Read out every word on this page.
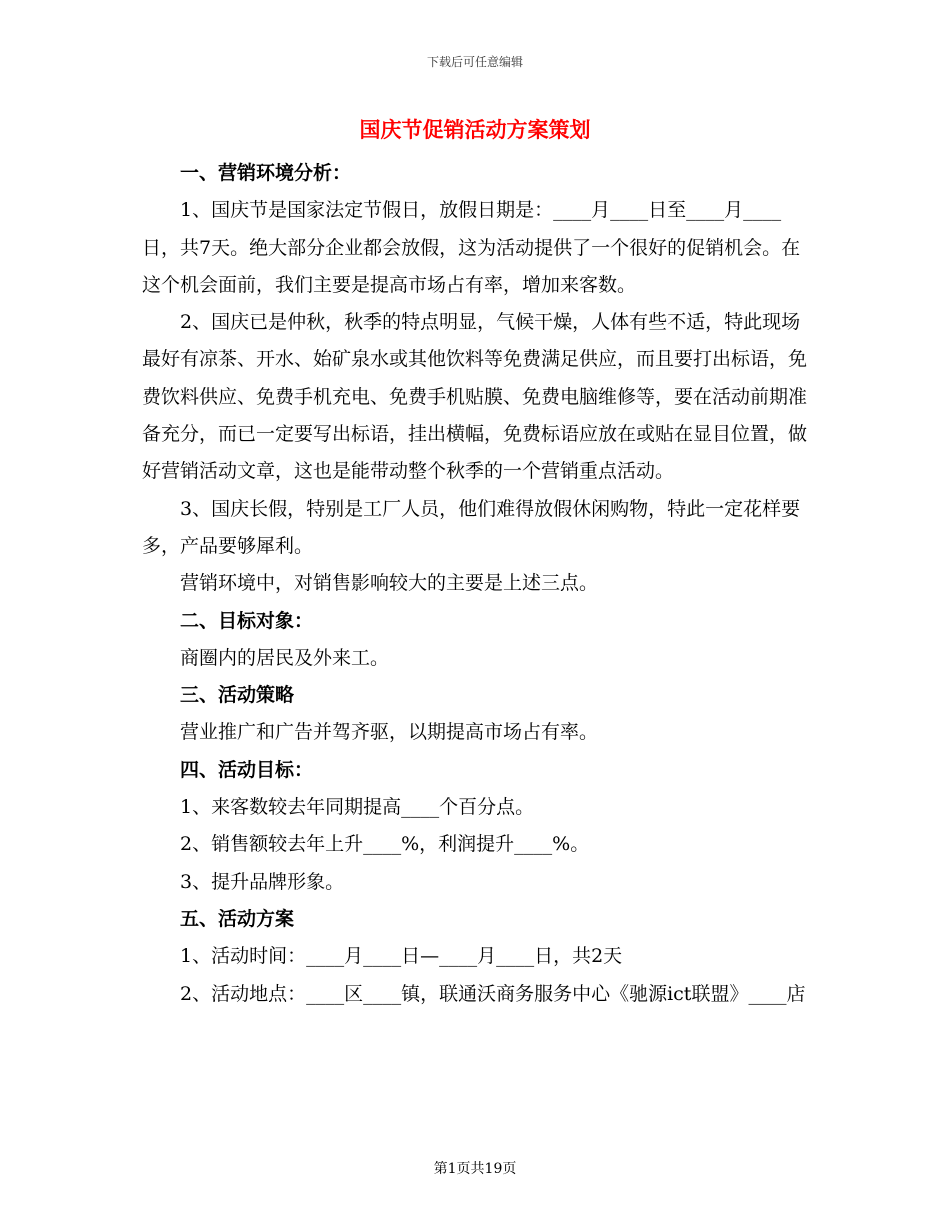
下载后可任意编辑
国庆节促销活动方案策划

一、营销环境分析：

1、国庆节是国家法定节假日，放假日期是：____月____日至____月____日，共7天。绝大部分企业都会放假，这为活动提供了一个很好的促销机会。在这个机会面前，我们主要是提高市场占有率，增加来客数。

2、国庆已是仲秋，秋季的特点明显，气候干燥，人体有些不适，特此现场最好有凉茶、开水、始矿泉水或其他饮料等免费满足供应，而且要打出标语，免费饮料供应、免费手机充电、免费手机贴膜、免费电脑维修等，要在活动前期准备充分，而已一定要写出标语，挂出横幅，免费标语应放在或贴在显目位置，做好营销活动文章，这也是能带动整个秋季的一个营销重点活动。

3、国庆长假，特别是工厂人员，他们难得放假休闲购物，特此一定花样要多，产品要够犀利。

营销环境中，对销售影响较大的主要是上述三点。

二、目标对象：

商圈内的居民及外来工。

三、活动策略

营业推广和广告并驾齐驱，以期提高市场占有率。

四、活动目标：

1、来客数较去年同期提高____个百分点。

2、销售额较去年上升____%，利润提升____%。

3、提升品牌形象。

五、活动方案

1、活动时间：____月____日—____月____日，共2天

2、活动地点：____区____镇，联通沃商务服务中心《驰源ict联盟》____店

第1页共19页
